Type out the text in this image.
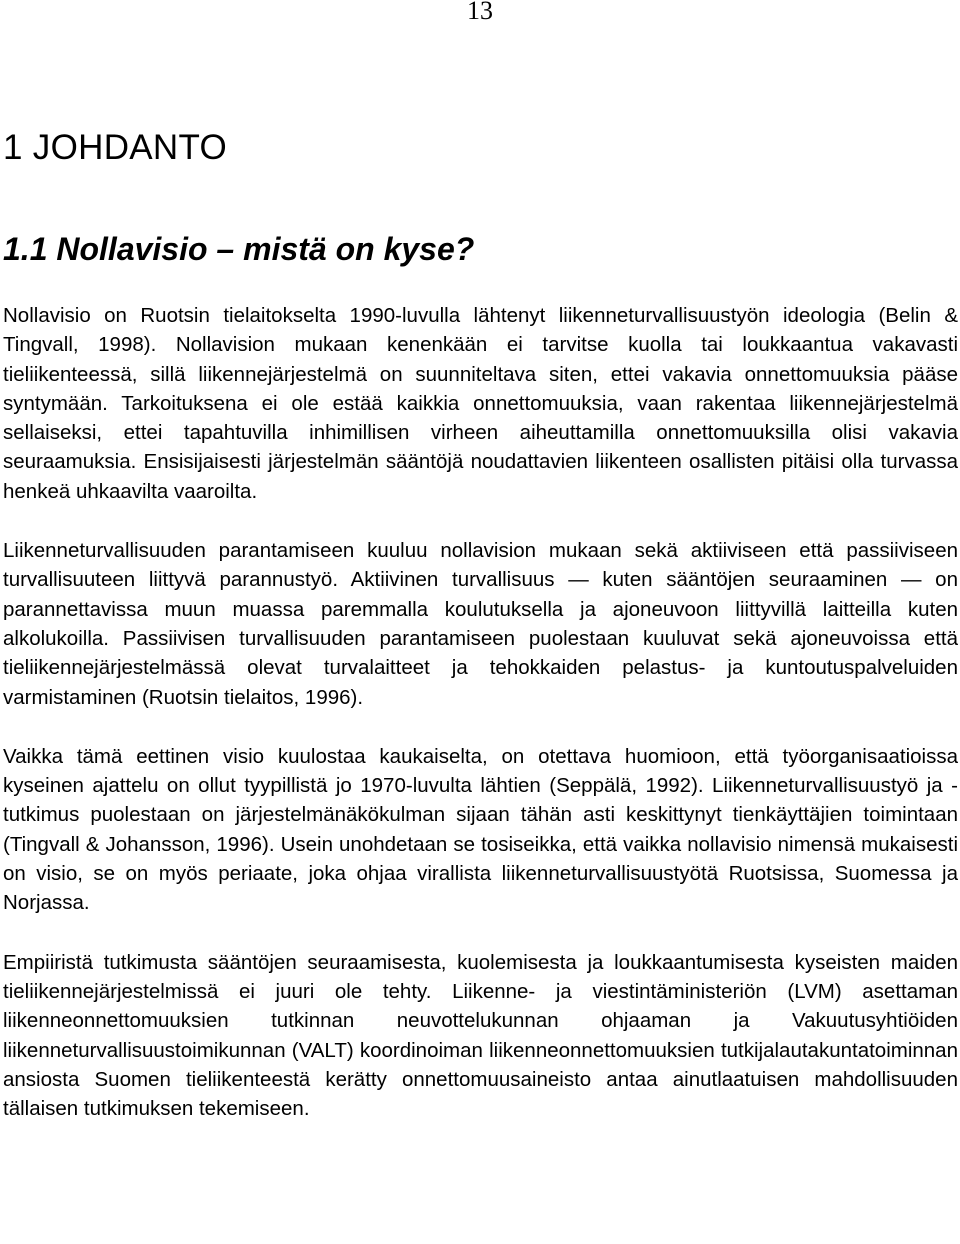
13
1 JOHDANTO
1.1 Nollavisio – mistä on kyse?

Nollavisio on Ruotsin tielaitokselta 1990-luvulla lähtenyt liikenneturvallisuustyön ideologia (Belin & Tingvall, 1998). Nollavision mukaan kenenkään ei tarvitse kuolla tai loukkaantua vakavasti tieliikenteessä, sillä liikennejärjestelmä on suunniteltava siten, ettei vakavia onnettomuuksia pääse syntymään. Tarkoituksena ei ole estää kaikkia onnettomuuksia, vaan rakentaa liikennejärjestelmä sellaiseksi, ettei tapahtuvilla inhimillisen virheen aiheuttamilla onnettomuuksilla olisi vakavia seuraamuksia. Ensisijaisesti järjestelmän sääntöjä noudattavien liikenteen osallisten pitäisi olla turvassa henkeä uhkaavilta vaaroilta.

Liikenneturvallisuuden parantamiseen kuuluu nollavision mukaan sekä aktiiviseen että passiiviseen turvallisuuteen liittyvä parannustyö. Aktiivinen turvallisuus — kuten sääntöjen seuraaminen — on parannettavissa muun muassa paremmalla koulutuksella ja ajoneuvoon liittyvillä laitteilla kuten alkolukoilla. Passiivisen turvallisuuden parantamiseen puolestaan kuuluvat sekä ajoneuvoissa että tieliikennejärjestelmässä olevat turvalaitteet ja tehokkaiden pelastus- ja kuntoutuspalveluiden varmistaminen (Ruotsin tielaitos, 1996).

Vaikka tämä eettinen visio kuulostaa kaukaiselta, on otettava huomioon, että työorganisaatioissa kyseinen ajattelu on ollut tyypillistä jo 1970-luvulta lähtien (Seppälä, 1992). Liikenneturvallisuustyö ja -tutkimus puolestaan on järjestelmänäkökulman sijaan tähän asti keskittynyt tienkäyttäjien toimintaan (Tingvall & Johansson, 1996). Usein unohdetaan se tosiseikka, että vaikka nollavisio nimensä mukaisesti on visio, se on myös periaate, joka ohjaa virallista liikenneturvallisuustyötä Ruotsissa, Suomessa ja Norjassa.

Empiiristä tutkimusta sääntöjen seuraamisesta, kuolemisesta ja loukkaantumisesta kyseisten maiden tieliikennejärjestelmissä ei juuri ole tehty. Liikenne- ja viestintäministeriön (LVM) asettaman liikenneonnettomuuksien tutkinnan neuvottelukunnan ohjaaman ja Vakuutusyhtiöiden liikenneturvallisuustoimikunnan (VALT) koordinoiman liikenneonnettomuuksien tutkijalautakuntatoiminnan ansiosta Suomen tieliikenteestä kerätty onnettomuusaineisto antaa ainutlaatuisen mahdollisuuden tällaisen tutkimuksen tekemiseen.
